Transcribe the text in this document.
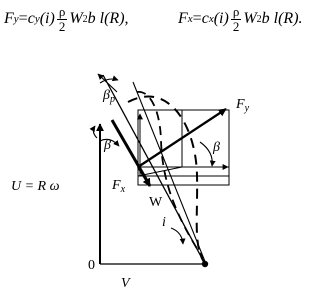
F y = c y $(i) \frac{\rho}{2}$ W 2 b l(R),	F x = c x $(i) \frac{\rho}{2}$ W 2 b l(R).
$\beta_p$
β	β
$F_y$
$F_x$
W
i
U = R ω
0
V
